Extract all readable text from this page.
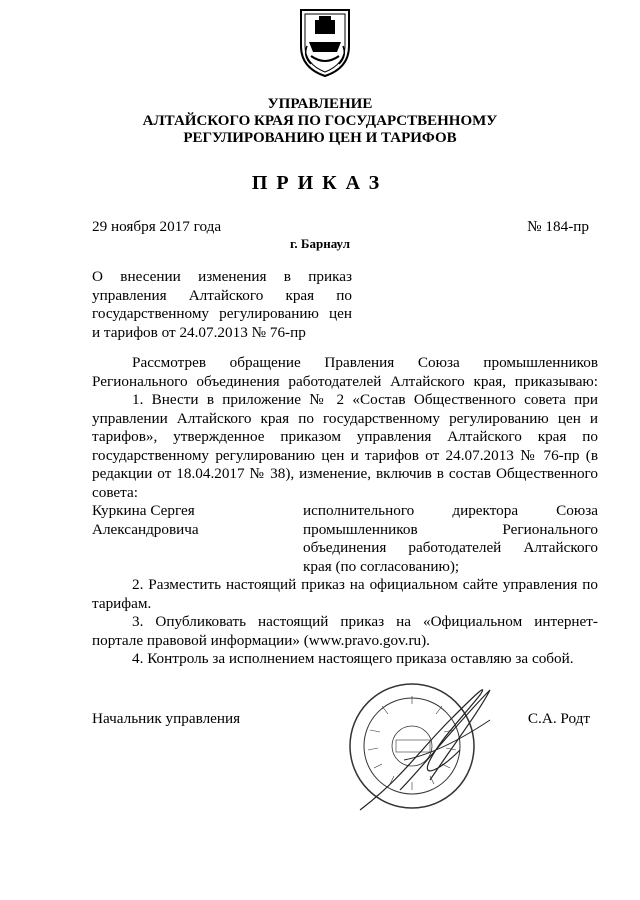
УПРАВЛЕНИЕ
АЛТАЙСКОГО КРАЯ ПО ГОСУДАРСТВЕННОМУ
РЕГУЛИРОВАНИЮ ЦЕН И ТАРИФОВ
ПРИКАЗ
29 ноября 2017 года	№ 184-пр
г. Барнаул
О внесении изменения в приказ
управления Алтайского края по
государственному регулированию цен
и тарифов от 24.07.2013 № 76-пр
Рассмотрев обращение Правления Союза промышленников
Регионального объединения работодателей Алтайского края, приказываю:
1. Внести в приложение № 2 «Состав Общественного совета при
управлении Алтайского края по государственному регулированию цен и
тарифов», утвержденное приказом управления Алтайского края по
государственному регулированию цен и тарифов от 24.07.2013 № 76-пр (в
редакции от 18.04.2017 № 38), изменение, включив в состав Общественного
совета:
Куркина Сергея
Александровича
исполнительного директора Союза
промышленников Регионального
объединения работодателей Алтайского
края (по согласованию);
2. Разместить настоящий приказ на официальном сайте управления по
тарифам.
3. Опубликовать настоящий приказ на «Официальном интернет-
портале правовой информации» (www.pravo.gov.ru).
4. Контроль за исполнением настоящего приказа оставляю за собой.
Начальник управления	С.А. Родт
